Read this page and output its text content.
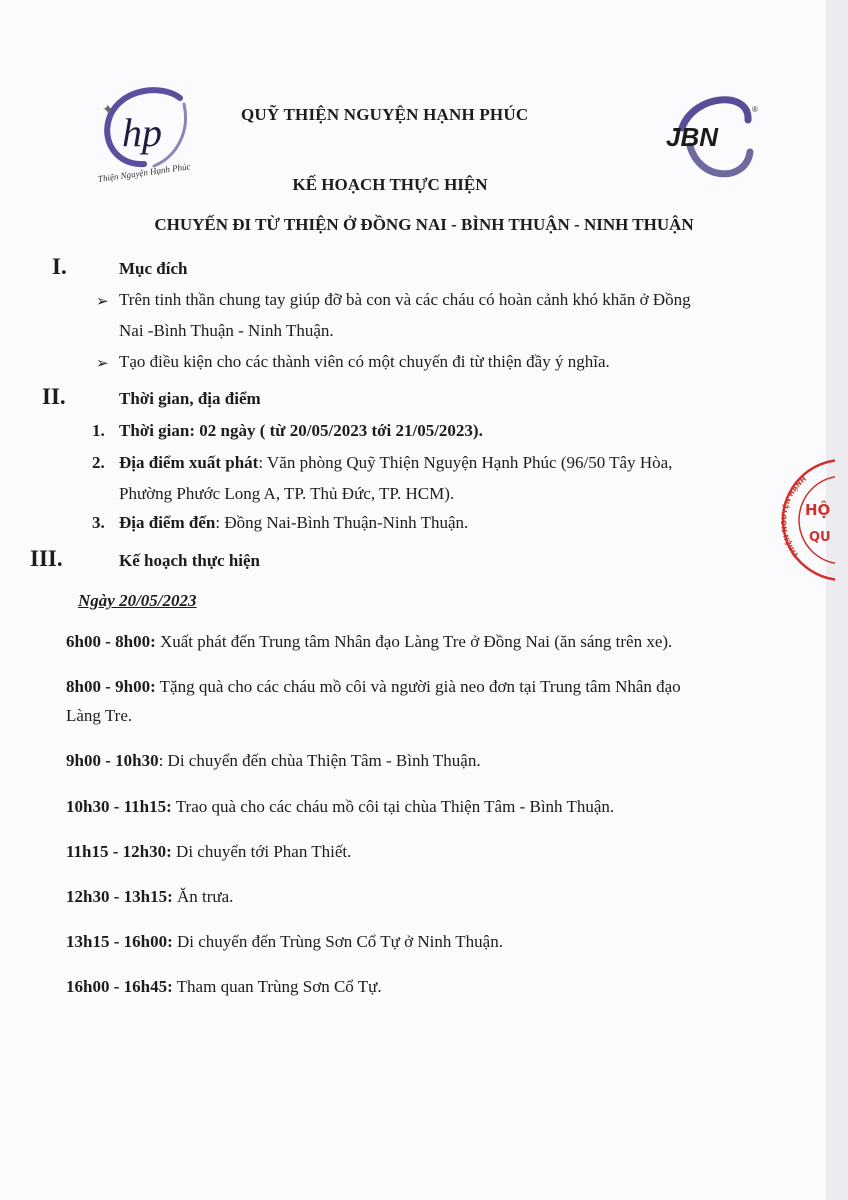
✦ hp
Thiện Nguyện Hạnh Phúc
JBN
®
QUỸ THIỆN NGUYỆN HẠNH PHÚC
KẾ HOẠCH THỰC HIỆN
CHUYẾN ĐI TỪ THIỆN Ở ĐỒNG NAI - BÌNH THUẬN - NINH THUẬN
I.	Mục đích
➢ Trên tinh thần chung tay giúp đỡ bà con và các cháu có hoàn cảnh khó khăn ở Đồng
Nai -Bình Thuận - Ninh Thuận.
➢ Tạo điều kiện cho các thành viên có một chuyến đi từ thiện đầy ý nghĩa.
II.	Thời gian, địa điểm
1. Thời gian: 02 ngày ( từ 20/05/2023 tới 21/05/2023).
2. Địa điểm xuất phát: Văn phòng Quỹ Thiện Nguyện Hạnh Phúc (96/50 Tây Hòa,
Phường Phước Long A, TP. Thủ Đức, TP. HCM).
3. Địa điểm đến: Đồng Nai-Bình Thuận-Ninh Thuận.
III.	Kế hoạch thực hiện
Ngày 20/05/2023
6h00 - 8h00: Xuất phát đến Trung tâm Nhân đạo Làng Tre ở Đồng Nai (ăn sáng trên xe).
8h00 - 9h00: Tặng quà cho các cháu mồ côi và người già neo đơn tại Trung tâm Nhân đạo
Làng Tre.
9h00 - 10h30: Di chuyển đến chùa Thiện Tâm - Bình Thuận.
10h30 - 11h15: Trao quà cho các cháu mồ côi tại chùa Thiện Tâm - Bình Thuận.
11h15 - 12h30: Di chuyển tới Phan Thiết.
12h30 - 13h15: Ăn trưa.
13h15 - 16h00: Di chuyển đến Trùng Sơn Cổ Tự ở Ninh Thuận.
16h00 - 16h45: Tham quan Trùng Sơn Cổ Tự.
THIỆN NGUYỆN HẠNH
HỘ
QU
